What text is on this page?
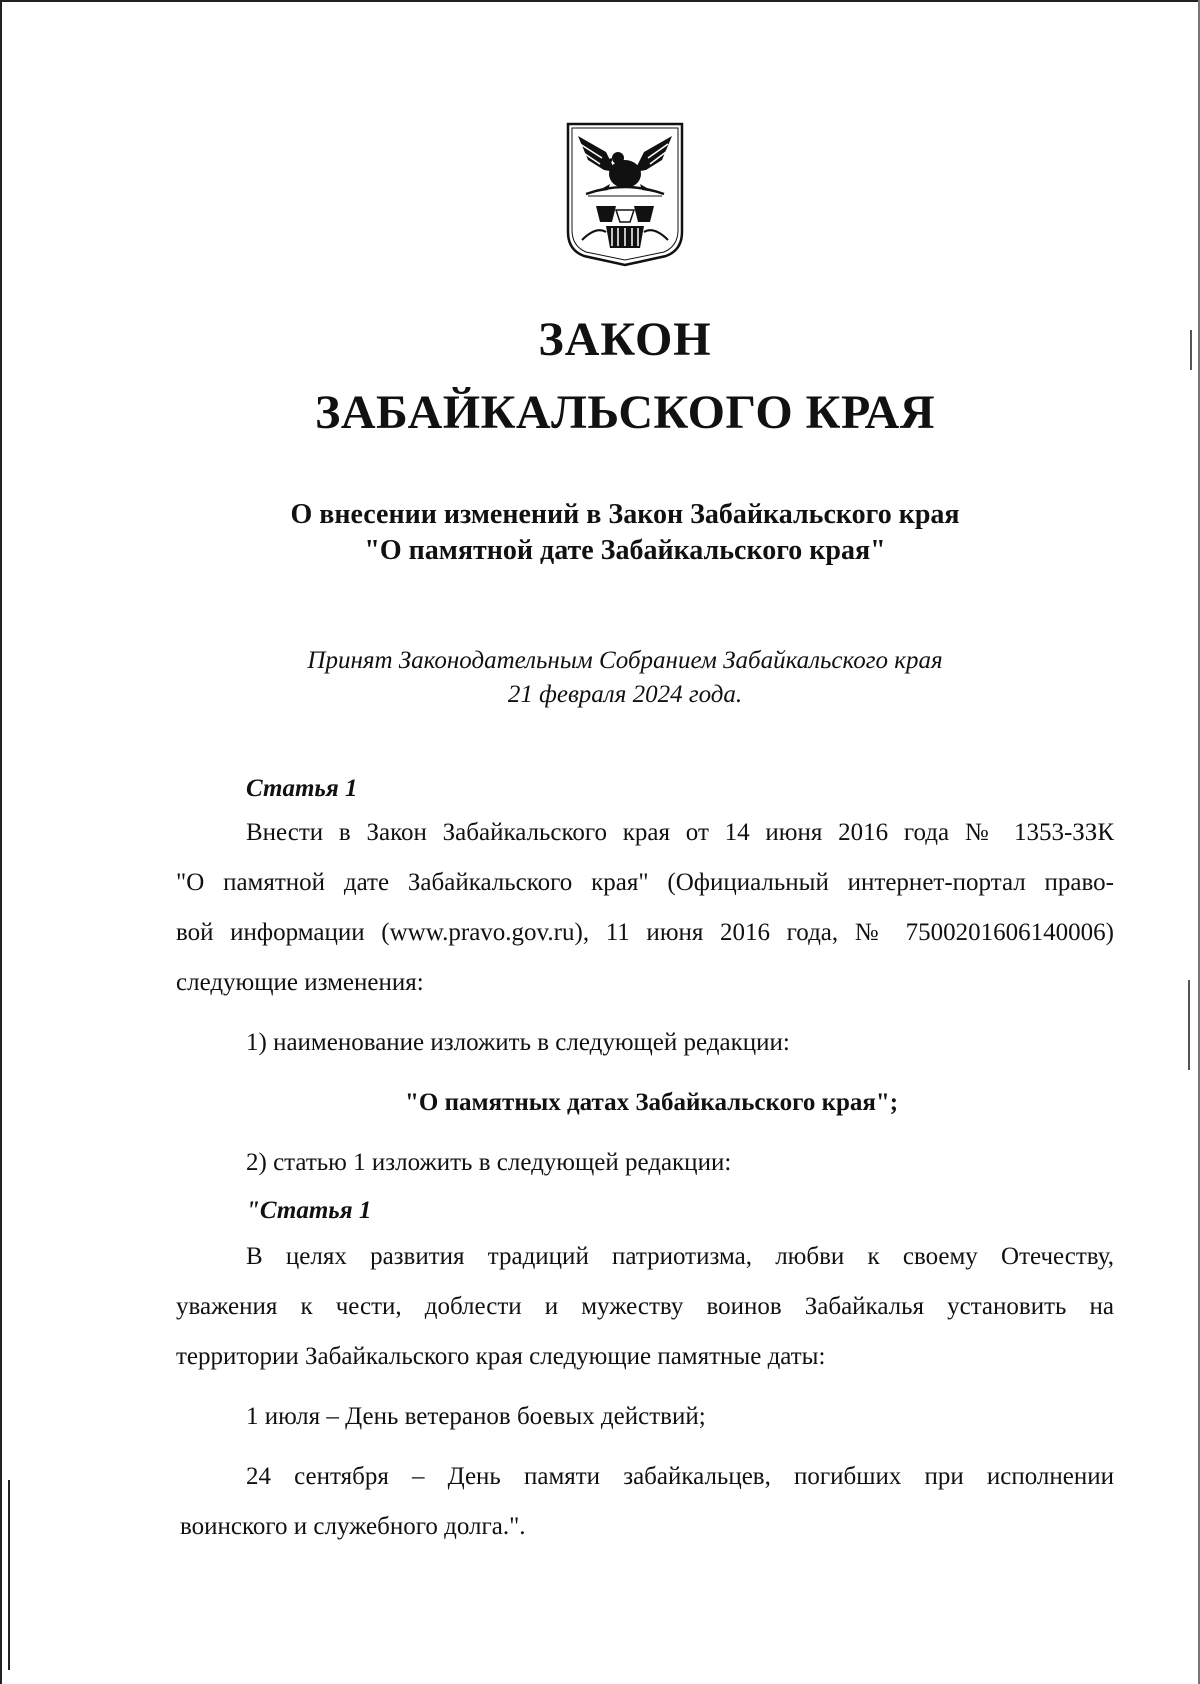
ЗАКОН
ЗАБАЙКАЛЬСКОГО КРАЯ
О внесении изменений в Закон Забайкальского края
"О памятной дате Забайкальского края"
Принят Законодательным Собранием Забайкальского края
21 февраля 2024 года.
Статья 1
Внести в Закон Забайкальского края от 14 июня 2016 года № 1353-ЗЗК
"О памятной дате Забайкальского края" (Официальный интернет-портал право-
вой информации (www.pravo.gov.ru), 11 июня 2016 года, № 7500201606140006)
следующие изменения:
1) наименование изложить в следующей редакции:
"О памятных датах Забайкальского края";
2) статью 1 изложить в следующей редакции:
"Статья 1
В целях развития традиций патриотизма, любви к своему Отечеству,
уважения к чести, доблести и мужеству воинов Забайкалья установить на
территории Забайкальского края следующие памятные даты:
1 июля – День ветеранов боевых действий;
24 сентября – День памяти забайкальцев, погибших при исполнении
воинского и служебного долга.".
